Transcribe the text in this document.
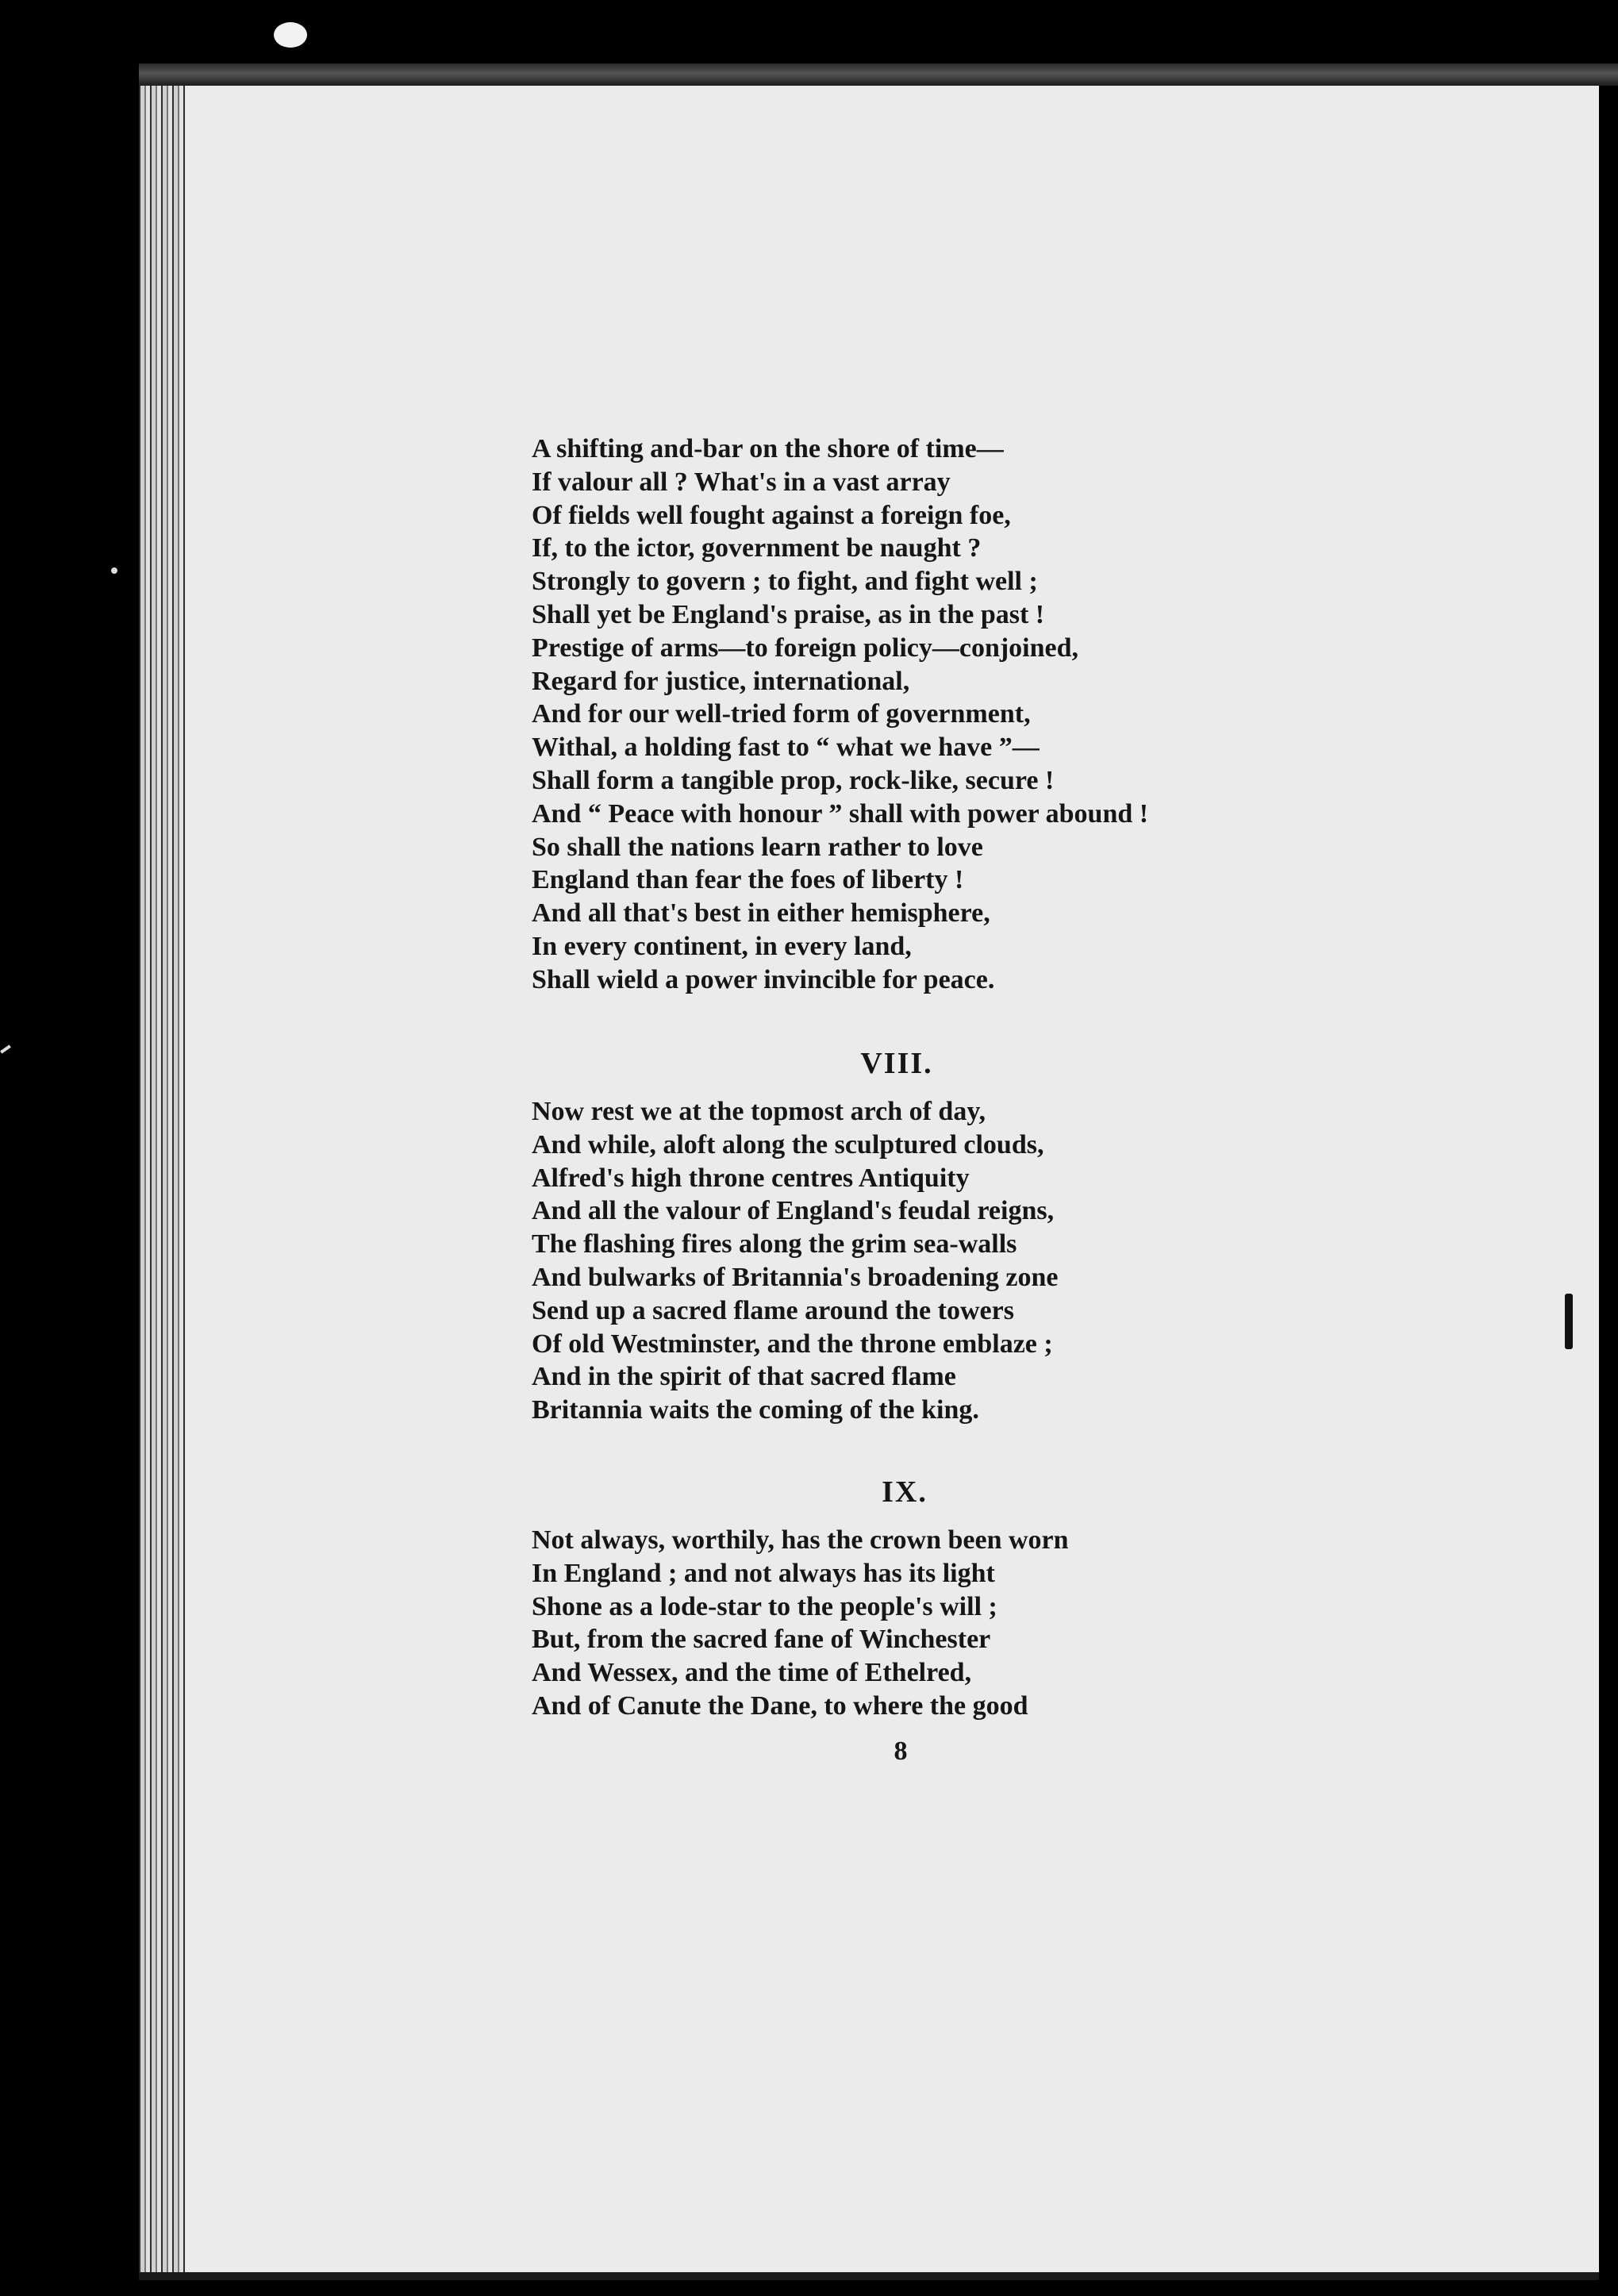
A shifting and-bar on the shore of time—
If valour all ? What's in a vast array
Of fields well fought against a foreign foe,
If, to the ictor, government be naught ?
Strongly to govern ; to fight, and fight well ;
Shall yet be England's praise, as in the past !
Prestige of arms—to foreign policy—conjoined,
Regard for justice, international,
And for our well-tried form of government,
Withal, a holding fast to “ what we have ”—
Shall form a tangible prop, rock-like, secure !
And “ Peace with honour ” shall with power abound !
So shall the nations learn rather to love
England than fear the foes of liberty !
And all that's best in either hemisphere,
In every continent, in every land,
Shall wield a power invincible for peace.
VIII.
Now rest we at the topmost arch of day,
And while, aloft along the sculptured clouds,
Alfred's high throne centres Antiquity
And all the valour of England's feudal reigns,
The flashing fires along the grim sea-walls
And bulwarks of Britannia's broadening zone
Send up a sacred flame around the towers
Of old Westminster, and the throne emblaze ;
And in the spirit of that sacred flame
Britannia waits the coming of the king.
IX.
Not always, worthily, has the crown been worn
In England ; and not always has its light
Shone as a lode-star to the people's will ;
But, from the sacred fane of Winchester
And Wessex, and the time of Ethelred,
And of Canute the Dane, to where the good
8
